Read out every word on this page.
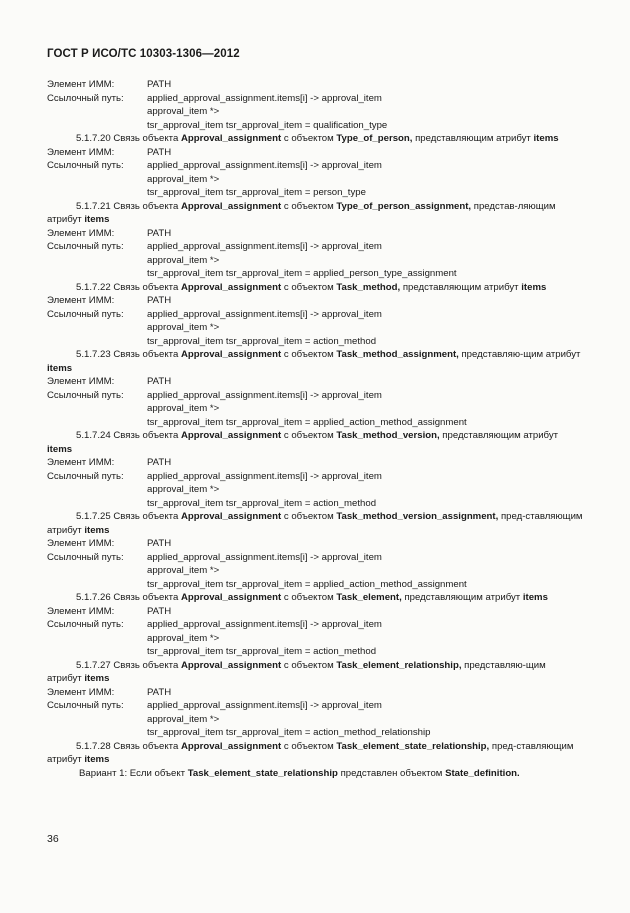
ГОСТ Р ИСО/ТС 10303-1306—2012
Элемент ИММ:	PATH
Ссылочный путь:	applied_approval_assignment.items[i] -> approval_item
approval_item *>
tsr_approval_item tsr_approval_item = qualification_type
5.1.7.20 Связь объекта Approval_assignment с объектом Type_of_person, представляющим атрибут items
Элемент ИММ:	PATH
Ссылочный путь:	applied_approval_assignment.items[i] -> approval_item
approval_item *>
tsr_approval_item tsr_approval_item = person_type
5.1.7.21 Связь объекта Approval_assignment с объектом Type_of_person_assignment, представ-ляющим атрибут items
Элемент ИММ:	PATH
Ссылочный путь:	applied_approval_assignment.items[i] -> approval_item
approval_item *>
tsr_approval_item tsr_approval_item = applied_person_type_assignment
5.1.7.22 Связь объекта Approval_assignment с объектом Task_method, представляющим атрибут items
Элемент ИММ:	PATH
Ссылочный путь:	applied_approval_assignment.items[i] -> approval_item
approval_item *>
tsr_approval_item tsr_approval_item = action_method
5.1.7.23 Связь объекта Approval_assignment с объектом Task_method_assignment, представляю-щим атрибут items
Элемент ИММ:	PATH
Ссылочный путь:	applied_approval_assignment.items[i] -> approval_item
approval_item *>
tsr_approval_item tsr_approval_item = applied_action_method_assignment
5.1.7.24 Связь объекта Approval_assignment с объектом Task_method_version, представляющим атрибут items
Элемент ИММ:	PATH
Ссылочный путь:	applied_approval_assignment.items[i] -> approval_item
approval_item *>
tsr_approval_item tsr_approval_item = action_method
5.1.7.25 Связь объекта Approval_assignment с объектом Task_method_version_assignment, пред-ставляющим атрибут items
Элемент ИММ:	PATH
Ссылочный путь:	applied_approval_assignment.items[i] -> approval_item
approval_item *>
tsr_approval_item tsr_approval_item = applied_action_method_assignment
5.1.7.26 Связь объекта Approval_assignment с объектом Task_element, представляющим атрибут items
Элемент ИММ:	PATH
Ссылочный путь:	applied_approval_assignment.items[i] -> approval_item
approval_item *>
tsr_approval_item tsr_approval_item = action_method
5.1.7.27 Связь объекта Approval_assignment с объектом Task_element_relationship, представляю-щим атрибут items
Элемент ИММ:	PATH
Ссылочный путь:	applied_approval_assignment.items[i] -> approval_item
approval_item *>
tsr_approval_item tsr_approval_item = action_method_relationship
5.1.7.28 Связь объекта Approval_assignment с объектом Task_element_state_relationship, пред-ставляющим атрибут items
Вариант 1: Если объект Task_element_state_relationship представлен объектом State_definition.
36
